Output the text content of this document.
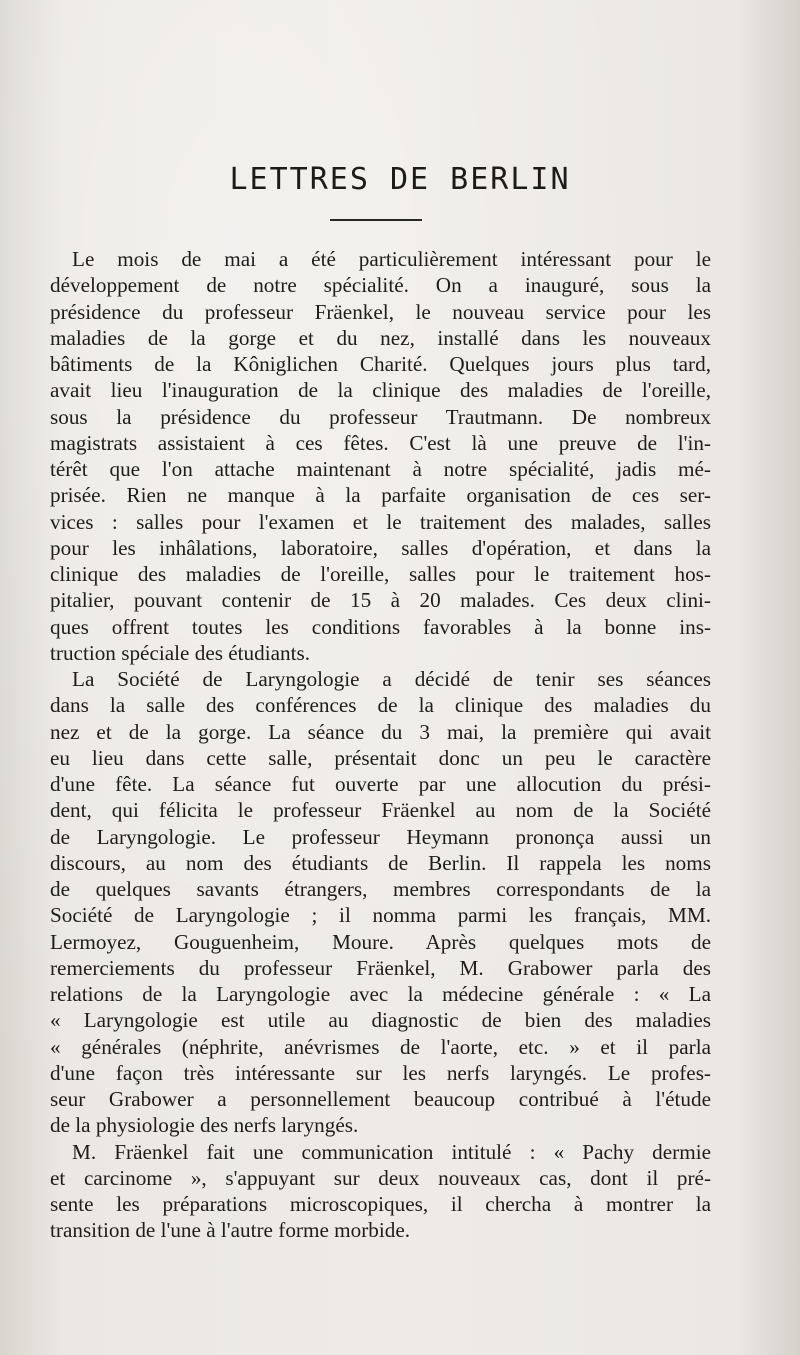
LETTRES DE BERLIN

Le mois de mai a été particulièrement intéressant pour le
développement de notre spécialité. On a inauguré, sous la
présidence du professeur Fräenkel, le nouveau service pour les
maladies de la gorge et du nez, installé dans les nouveaux
bâtiments de la Kôniglichen Charité. Quelques jours plus tard,
avait lieu l'inauguration de la clinique des maladies de l'oreille,
sous la présidence du professeur Trautmann. De nombreux
magistrats assistaient à ces fêtes. C'est là une preuve de l'in-
térêt que l'on attache maintenant à notre spécialité, jadis mé-
prisée. Rien ne manque à la parfaite organisation de ces ser-
vices : salles pour l'examen et le traitement des malades, salles
pour les inhâlations, laboratoire, salles d'opération, et dans la
clinique des maladies de l'oreille, salles pour le traitement hos-
pitalier, pouvant contenir de 15 à 20 malades. Ces deux clini-
ques offrent toutes les conditions favorables à la bonne ins-
truction spéciale des étudiants.

La Société de Laryngologie a décidé de tenir ses séances
dans la salle des conférences de la clinique des maladies du
nez et de la gorge. La séance du 3 mai, la première qui avait
eu lieu dans cette salle, présentait donc un peu le caractère
d'une fête. La séance fut ouverte par une allocution du prési-
dent, qui félicita le professeur Fräenkel au nom de la Société
de Laryngologie. Le professeur Heymann prononça aussi un
discours, au nom des étudiants de Berlin. Il rappela les noms
de quelques savants étrangers, membres correspondants de la
Société de Laryngologie ; il nomma parmi les français, MM.
Lermoyez, Gouguenheim, Moure. Après quelques mots de
remerciements du professeur Fräenkel, M. Grabower parla des
relations de la Laryngologie avec la médecine générale : « La
« Laryngologie est utile au diagnostic de bien des maladies
« générales (néphrite, anévrismes de l'aorte, etc. » et il parla
d'une façon très intéressante sur les nerfs laryngés. Le profes-
seur Grabower a personnellement beaucoup contribué à l'étude
de la physiologie des nerfs laryngés.

M. Fräenkel fait une communication intitulé : « Pachy dermie
et carcinome », s'appuyant sur deux nouveaux cas, dont il pré-
sente les préparations microscopiques, il chercha à montrer la
transition de l'une à l'autre forme morbide.
